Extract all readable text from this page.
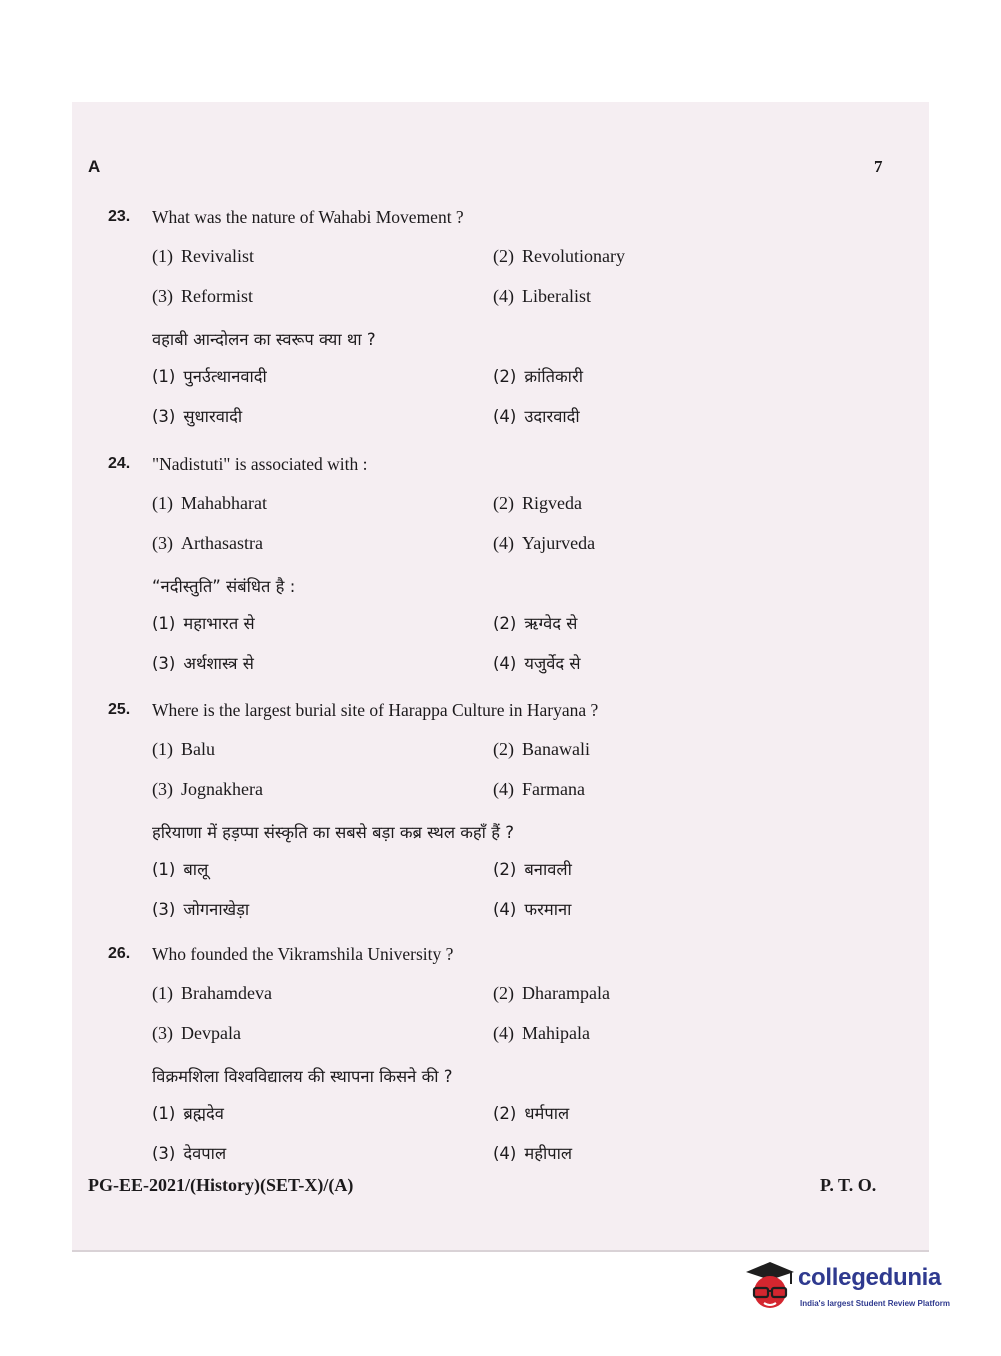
A	7
23. What was the nature of Wahabi Movement ?
(1) Revivalist	(2) Revolutionary
(3) Reformist	(4) Liberalist
वहाबी आन्दोलन का स्वरूप क्या था ?
(1) पुनर्उत्थानवादी	(2) क्रांतिकारी
(3) सुधारवादी	(4) उदारवादी
24. "Nadistuti" is associated with :
(1) Mahabharat	(2) Rigveda
(3) Arthasastra	(4) Yajurveda
“नदीस्तुति” संबंधित है :
(1) महाभारत से	(2) ऋग्वेद से
(3) अर्थशास्त्र से	(4) यजुर्वेद से
25. Where is the largest burial site of Harappa Culture in Haryana ?
(1) Balu	(2) Banawali
(3) Jognakhera	(4) Farmana
हरियाणा में हड़प्पा संस्कृति का सबसे बड़ा कब्र स्थल कहाँ हैं ?
(1) बालू	(2) बनावली
(3) जोगनाखेड़ा	(4) फरमाना
26. Who founded the Vikramshila University ?
(1) Brahamdeva	(2) Dharampala
(3) Devpala	(4) Mahipala
विक्रमशिला विश्वविद्यालय की स्थापना किसने की ?
(1) ब्रह्मदेव	(2) धर्मपाल
(3) देवपाल	(4) महीपाल
PG-EE-2021/(History)(SET-X)/(A)	P. T. O.
collegedunia
India's largest Student Review Platform
